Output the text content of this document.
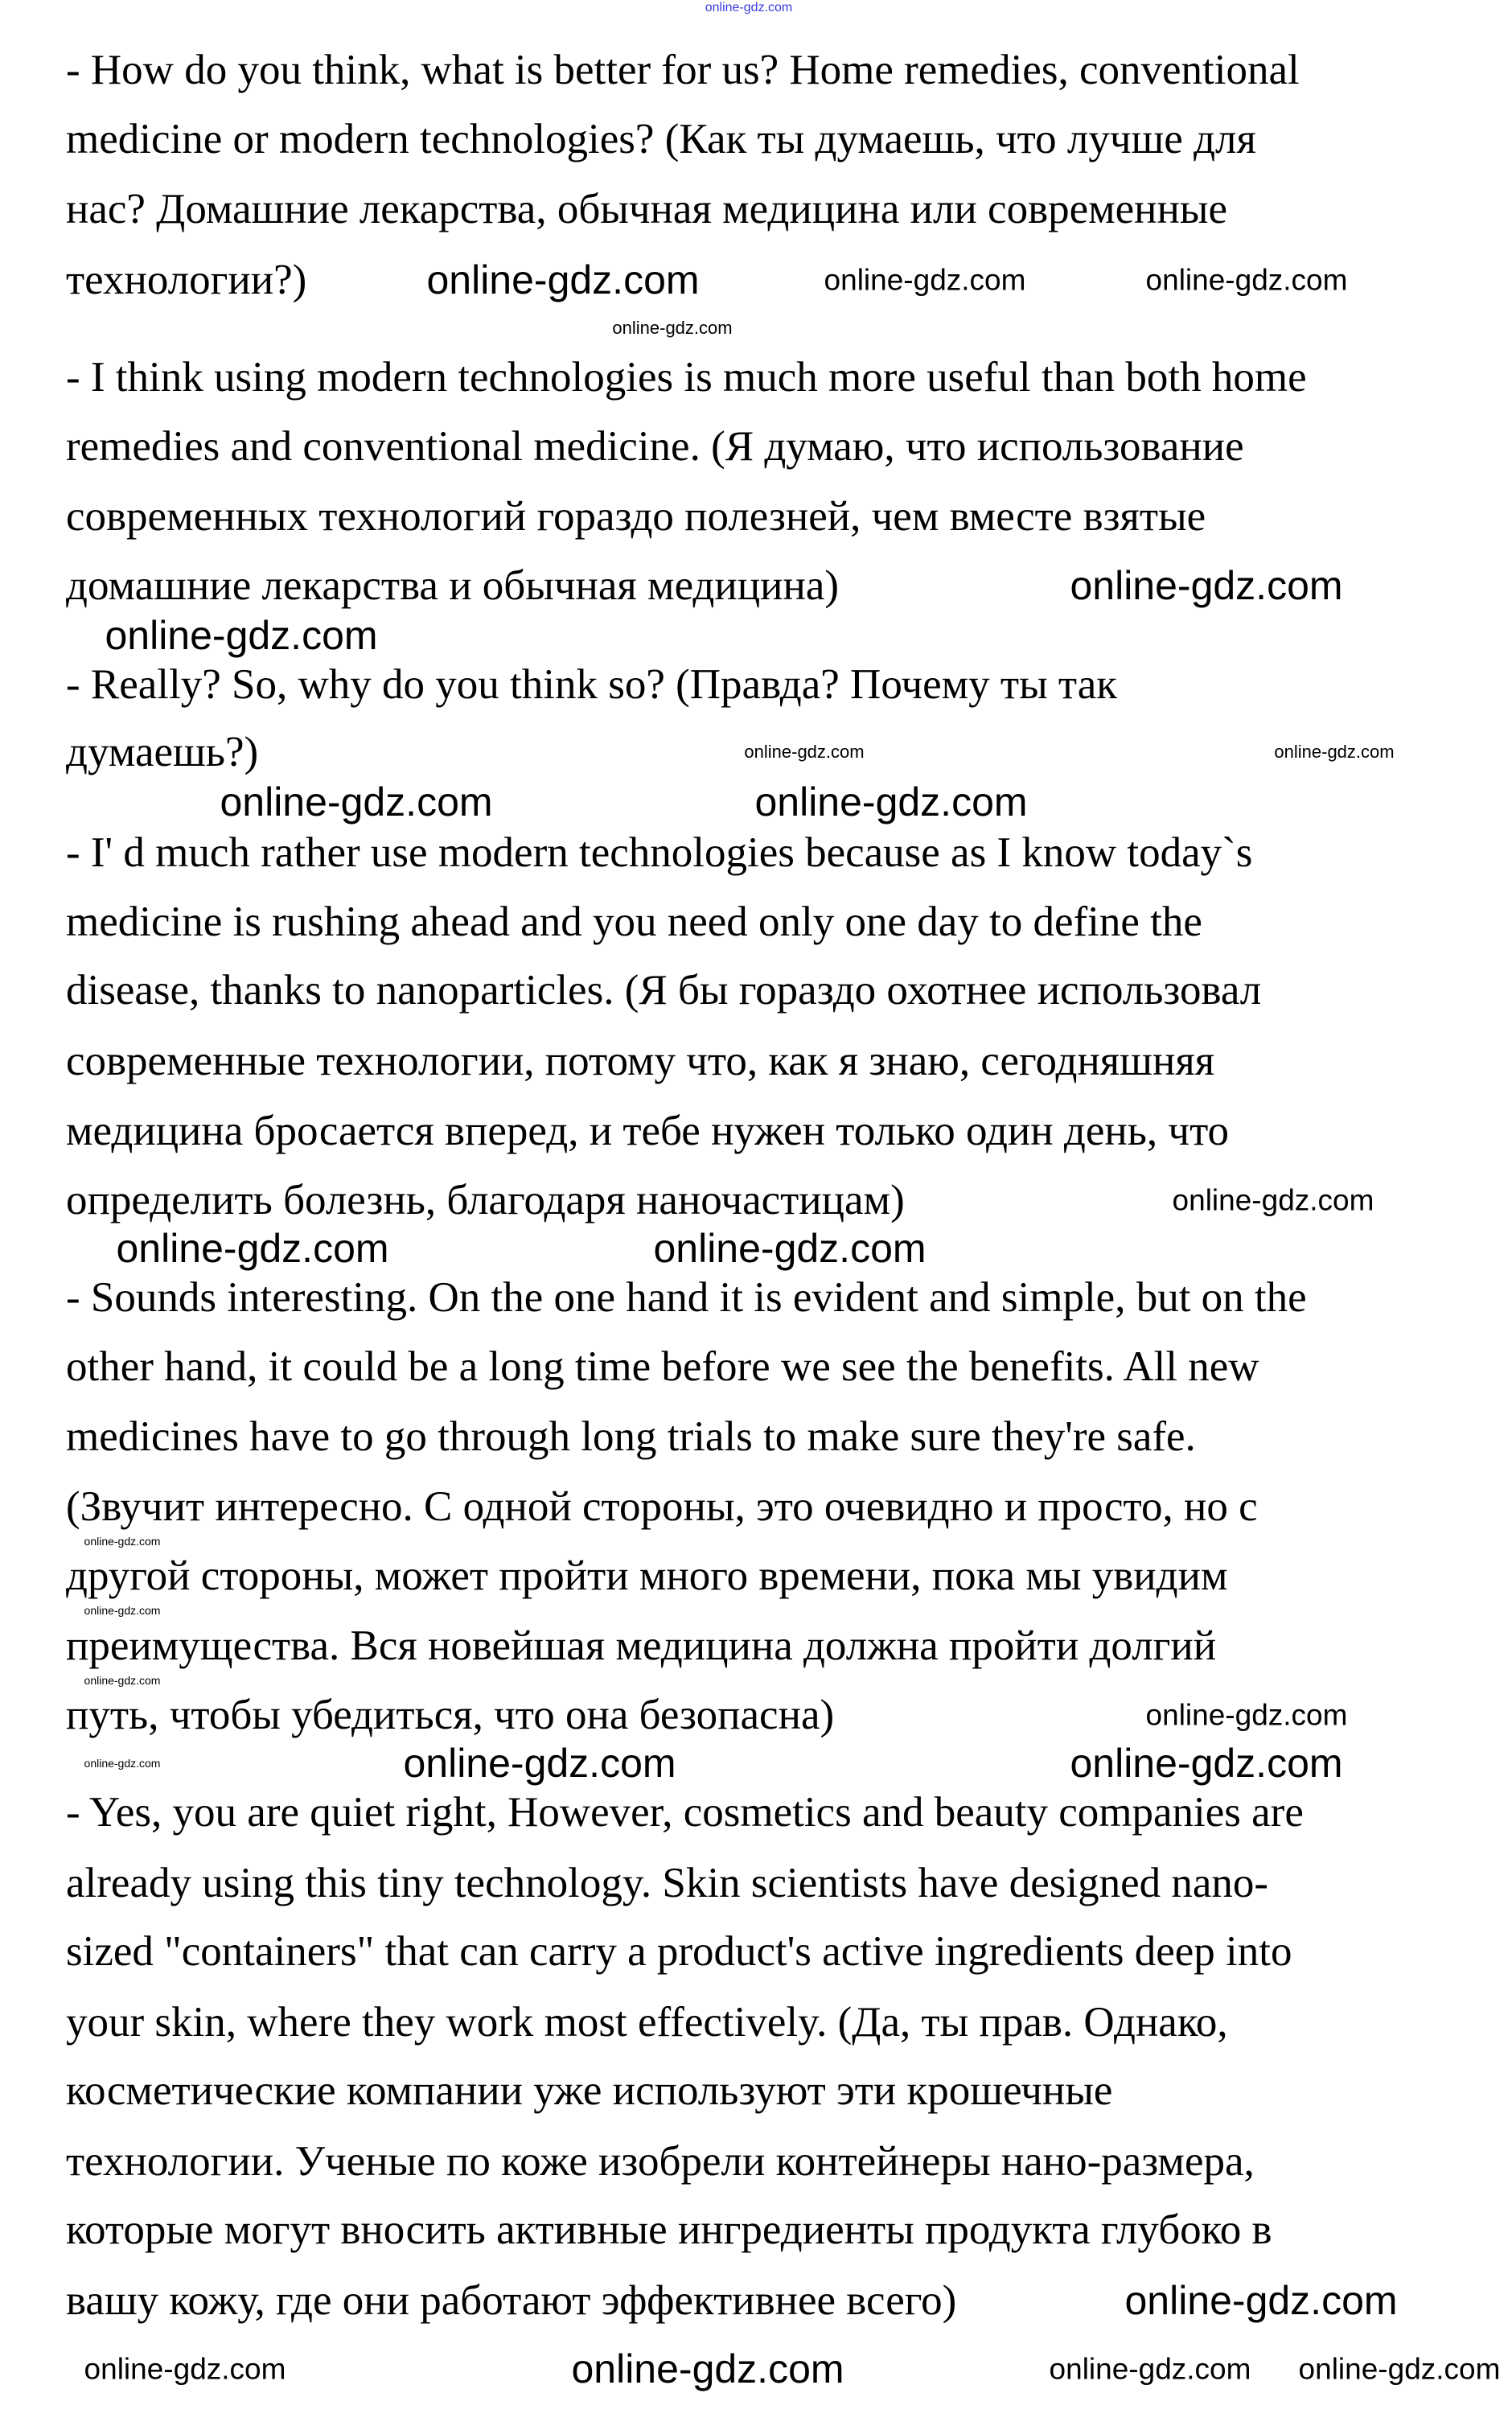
- How do you think, what is better for us? Home remedies, conventional
medicine or modern technologies? (Как ты думаешь, что лучше для
нас? Домашние лекарства, обычная медицина или современные
технологии?)
- I think using modern technologies is much more useful than both home
remedies and conventional medicine. (Я думаю, что использование
современных технологий гораздо полезней, чем вместе взятые
домашние лекарства и обычная медицина)
- Really? So, why do you think so? (Правда? Почему ты так
думаешь?)
- I' d much rather use modern technologies because as I know today`s
medicine is rushing ahead and you need only one day to define the
disease, thanks to nanoparticles. (Я бы гораздо охотнее использовал
современные технологии, потому что, как я знаю, сегодняшняя
медицина бросается вперед, и тебе нужен только один день, что
определить болезнь, благодаря наночастицам)
- Sounds interesting. On the one hand it is evident and simple, but on the
other hand, it could be a long time before we see the benefits. All new
medicines have to go through long trials to make sure they're safe.
(Звучит интересно. С одной стороны, это очевидно и просто, но с
другой стороны, может пройти много времени, пока мы увидим
преимущества. Вся новейшая медицина должна пройти долгий
путь, чтобы убедиться, что она безопасна)
- Yes, you are quiet right, However, cosmetics and beauty companies are
already using this tiny technology. Skin scientists have designed nano-
sized "containers" that can carry a product's active ingredients deep into
your skin, where they work most effectively. (Да, ты прав. Однако,
косметические компании уже используют эти крошечные
технологии. Ученые по коже изобрели контейнеры нано-размера,
которые могут вносить активные ингредиенты продукта глубоко в
вашу кожу, где они работают эффективнее всего)
online-gdz.com
online-gdz.com	online-gdz.com	online-gdz.com
online-gdz.com
online-gdz.com
online-gdz.com
online-gdz.com
online-gdz.com	online-gdz.com
online-gdz.com
online-gdz.com
online-gdz.com	online-gdz.com
online-gdz.com
online-gdz.com
online-gdz.com
online-gdz.com
online-gdz.com	online-gdz.com
online-gdz.com
online-gdz.com	online-gdz.com
online-gdz.com	online-gdz.com
online-gdz.com
